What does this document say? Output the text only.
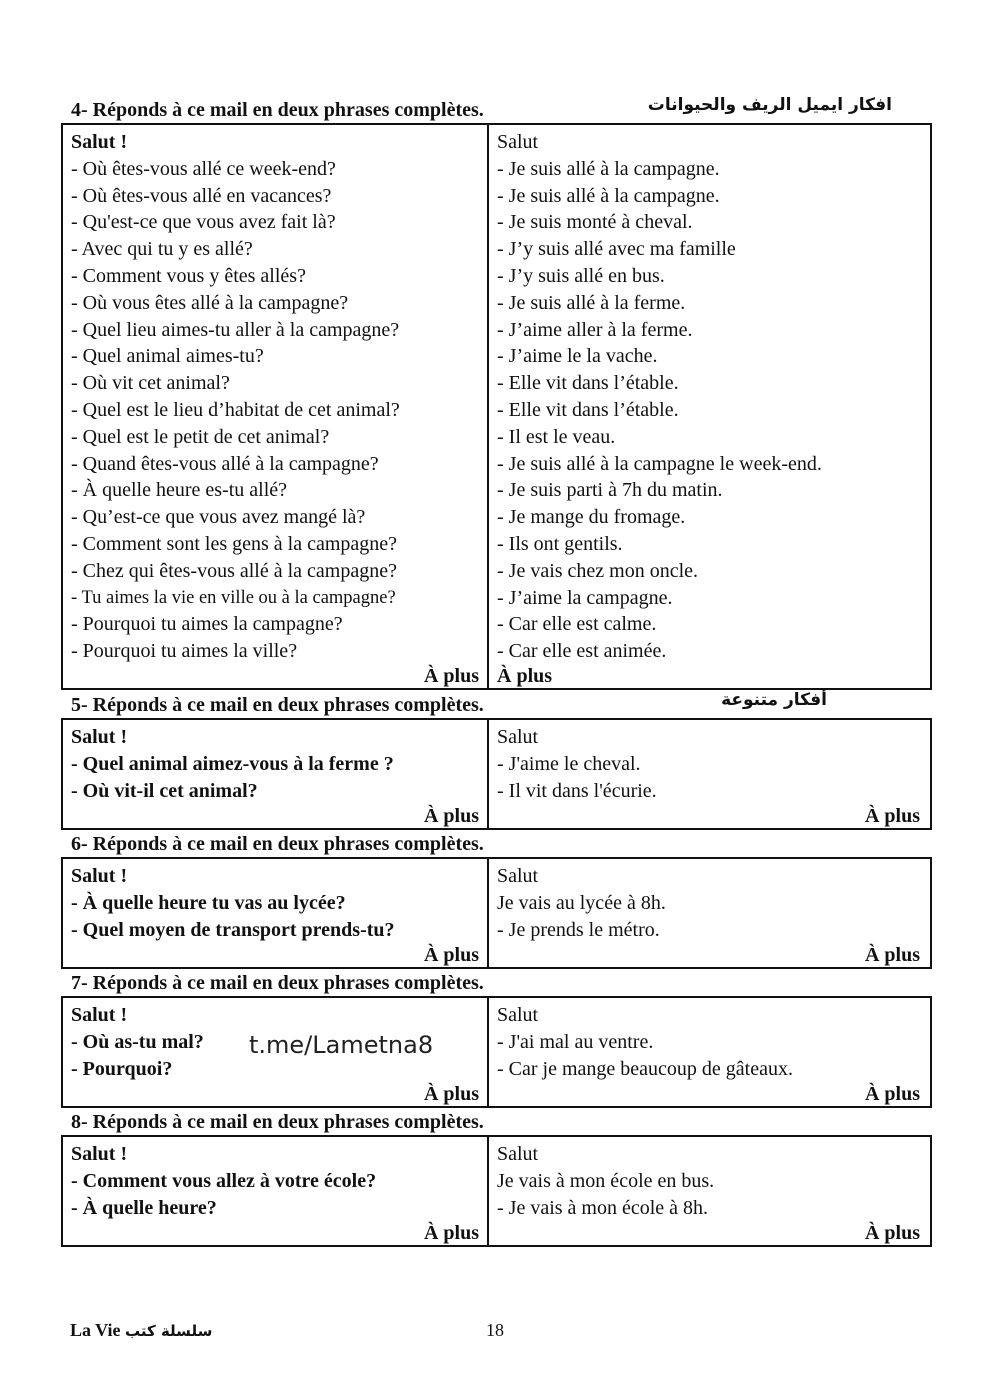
4- Réponds à ce mail en deux phrases complètes.	افكار ايميل الريف والحيوانات
Salut !
- Où êtes-vous allé ce week-end?
- Où êtes-vous allé en vacances?
- Qu'est-ce que vous avez fait là?
- Avec qui tu y es allé?
- Comment vous y êtes allés?
- Où vous êtes allé à la campagne?
- Quel lieu aimes-tu aller à la campagne?
- Quel animal aimes-tu?
- Où vit cet animal?
- Quel est le lieu d’habitat de cet animal?
- Quel est le petit de cet animal?
- Quand êtes-vous allé à la campagne?
- À quelle heure es-tu allé?
- Qu’est-ce que vous avez mangé là?
- Comment sont les gens à la campagne?
- Chez qui êtes-vous allé à la campagne?
- Tu aimes la vie en ville ou à la campagne?
- Pourquoi tu aimes la campagne?
- Pourquoi tu aimes la ville?
À plus
Salut
- Je suis allé à la campagne.
- Je suis allé à la campagne.
- Je suis monté à cheval.
- J’y suis allé avec ma famille
- J’y suis allé en bus.
- Je suis allé à la ferme.
- J’aime aller à la ferme.
- J’aime le la vache.
- Elle vit dans l’étable.
- Elle vit dans l’étable.
- Il est le veau.
- Je suis allé à la campagne le week-end.
- Je suis parti à 7h du matin.
- Je mange du fromage.
- Ils ont gentils.
- Je vais chez mon oncle.
- J’aime la campagne.
- Car elle est calme.
- Car elle est animée.
À plus
5- Réponds à ce mail en deux phrases complètes.	أفكار متنوعة
Salut !
- Quel animal aimez-vous à la ferme ?
- Où vit-il cet animal?
À plus
Salut
- J'aime le cheval.
- Il vit dans l'écurie.
À plus
6- Réponds à ce mail en deux phrases complètes.
Salut !
- À quelle heure tu vas au lycée?
- Quel moyen de transport prends-tu?
À plus
Salut
Je vais au lycée à 8h.
- Je prends le métro.
À plus
7- Réponds à ce mail en deux phrases complètes.
Salut !
- Où as-tu mal?
- Pourquoi?
À plus
Salut
- J'ai mal au ventre.
- Car je mange beaucoup de gâteaux.
À plus
8- Réponds à ce mail en deux phrases complètes.
Salut !
- Comment vous allez à votre école?
- À quelle heure?
À plus
Salut
Je vais à mon école en bus.
- Je vais à mon école à 8h.
À plus
t.me/Lametna8
La Vie سلسلة كتب	18
